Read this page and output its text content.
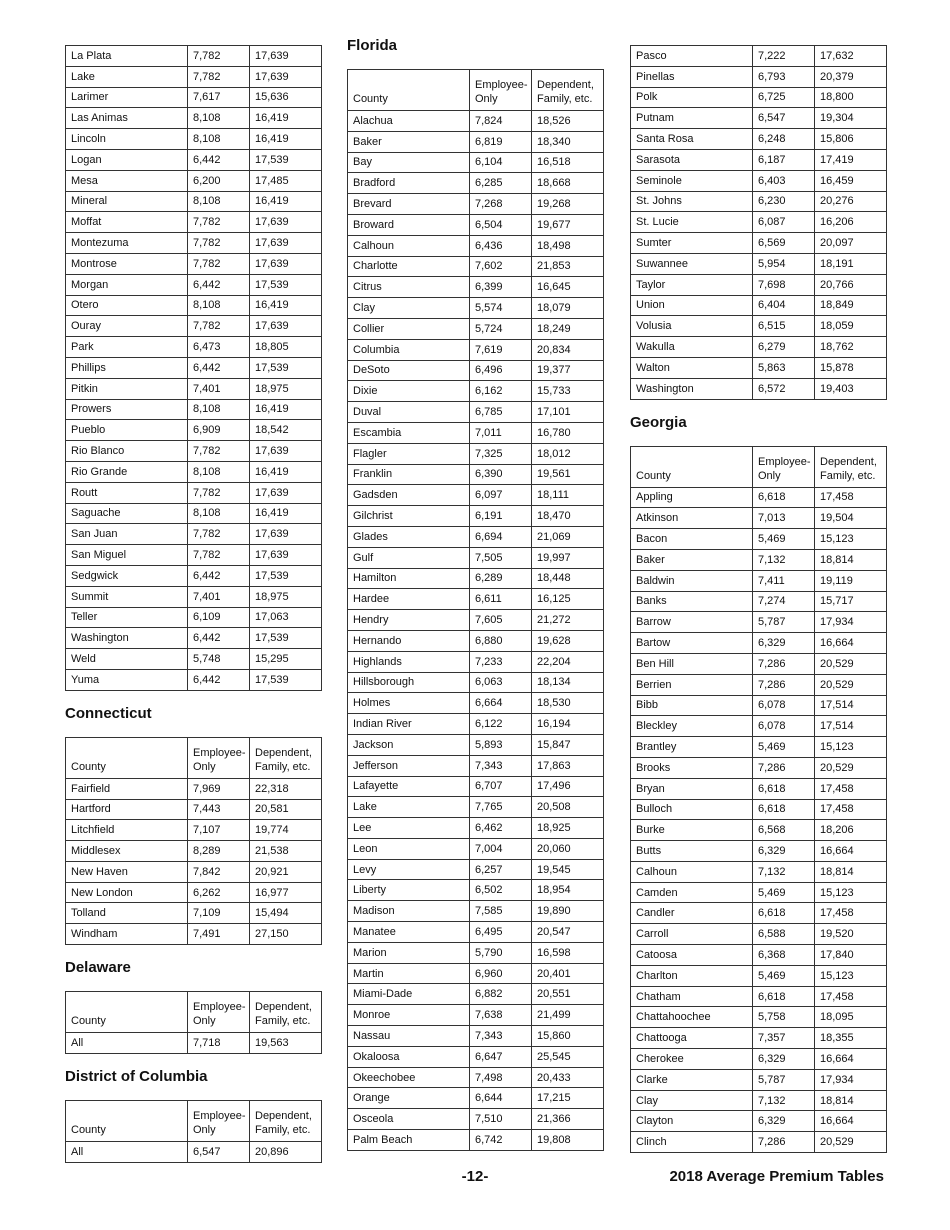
La Plata	7,782	17,639
Lake	7,782	17,639
Larimer	7,617	15,636
Las Animas	8,108	16,419
Lincoln	8,108	16,419
Logan	6,442	17,539
Mesa	6,200	17,485
Mineral	8,108	16,419
Moffat	7,782	17,639
Montezuma	7,782	17,639
Montrose	7,782	17,639
Morgan	6,442	17,539
Otero	8,108	16,419
Ouray	7,782	17,639
Park	6,473	18,805
Phillips	6,442	17,539
Pitkin	7,401	18,975
Prowers	8,108	16,419
Pueblo	6,909	18,542
Rio Blanco	7,782	17,639
Rio Grande	8,108	16,419
Routt	7,782	17,639
Saguache	8,108	16,419
San Juan	7,782	17,639
San Miguel	7,782	17,639
Sedgwick	6,442	17,539
Summit	7,401	18,975
Teller	6,109	17,063
Washington	6,442	17,539
Weld	5,748	15,295
Yuma	6,442	17,539
Connecticut
County	Employee-Only	Dependent, Family, etc.
Fairfield	7,969	22,318
Hartford	7,443	20,581
Litchfield	7,107	19,774
Middlesex	8,289	21,538
New Haven	7,842	20,921
New London	6,262	16,977
Tolland	7,109	15,494
Windham	7,491	27,150
Delaware
County	Employee-Only	Dependent, Family, etc.
All	7,718	19,563
District of Columbia
County	Employee-Only	Dependent, Family, etc.
All	6,547	20,896
Florida
County	Employee-Only	Dependent, Family, etc.
Alachua	7,824	18,526
Baker	6,819	18,340
Bay	6,104	16,518
Bradford	6,285	18,668
Brevard	7,268	19,268
Broward	6,504	19,677
Calhoun	6,436	18,498
Charlotte	7,602	21,853
Citrus	6,399	16,645
Clay	5,574	18,079
Collier	5,724	18,249
Columbia	7,619	20,834
DeSoto	6,496	19,377
Dixie	6,162	15,733
Duval	6,785	17,101
Escambia	7,011	16,780
Flagler	7,325	18,012
Franklin	6,390	19,561
Gadsden	6,097	18,111
Gilchrist	6,191	18,470
Glades	6,694	21,069
Gulf	7,505	19,997
Hamilton	6,289	18,448
Hardee	6,611	16,125
Hendry	7,605	21,272
Hernando	6,880	19,628
Highlands	7,233	22,204
Hillsborough	6,063	18,134
Holmes	6,664	18,530
Indian River	6,122	16,194
Jackson	5,893	15,847
Jefferson	7,343	17,863
Lafayette	6,707	17,496
Lake	7,765	20,508
Lee	6,462	18,925
Leon	7,004	20,060
Levy	6,257	19,545
Liberty	6,502	18,954
Madison	7,585	19,890
Manatee	6,495	20,547
Marion	5,790	16,598
Martin	6,960	20,401
Miami-Dade	6,882	20,551
Monroe	7,638	21,499
Nassau	7,343	15,860
Okaloosa	6,647	25,545
Okeechobee	7,498	20,433
Orange	6,644	17,215
Osceola	7,510	21,366
Palm Beach	6,742	19,808
Pasco	7,222	17,632
Pinellas	6,793	20,379
Polk	6,725	18,800
Putnam	6,547	19,304
Santa Rosa	6,248	15,806
Sarasota	6,187	17,419
Seminole	6,403	16,459
St. Johns	6,230	20,276
St. Lucie	6,087	16,206
Sumter	6,569	20,097
Suwannee	5,954	18,191
Taylor	7,698	20,766
Union	6,404	18,849
Volusia	6,515	18,059
Wakulla	6,279	18,762
Walton	5,863	15,878
Washington	6,572	19,403
Georgia
County	Employee-Only	Dependent, Family, etc.
Appling	6,618	17,458
Atkinson	7,013	19,504
Bacon	5,469	15,123
Baker	7,132	18,814
Baldwin	7,411	19,119
Banks	7,274	15,717
Barrow	5,787	17,934
Bartow	6,329	16,664
Ben Hill	7,286	20,529
Berrien	7,286	20,529
Bibb	6,078	17,514
Bleckley	6,078	17,514
Brantley	5,469	15,123
Brooks	7,286	20,529
Bryan	6,618	17,458
Bulloch	6,618	17,458
Burke	6,568	18,206
Butts	6,329	16,664
Calhoun	7,132	18,814
Camden	5,469	15,123
Candler	6,618	17,458
Carroll	6,588	19,520
Catoosa	6,368	17,840
Charlton	5,469	15,123
Chatham	6,618	17,458
Chattahoochee	5,758	18,095
Chattooga	7,357	18,355
Cherokee	6,329	16,664
Clarke	5,787	17,934
Clay	7,132	18,814
Clayton	6,329	16,664
Clinch	7,286	20,529
-12-	2018 Average Premium Tables
